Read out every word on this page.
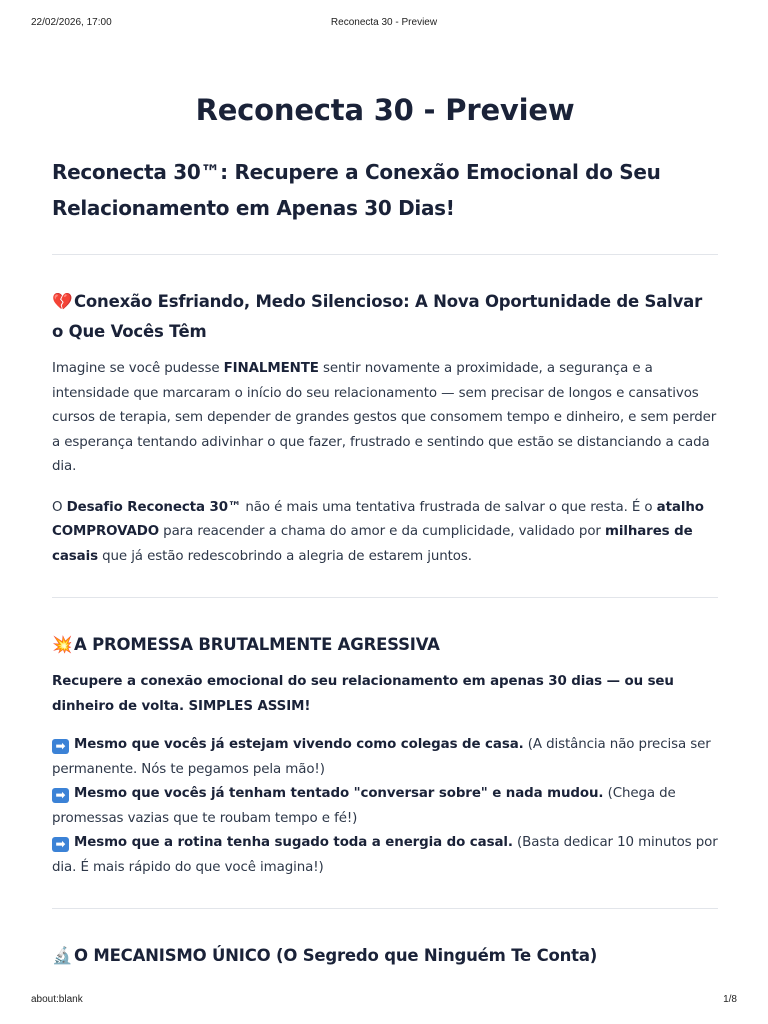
22/02/2026, 17:00	Reconecta 30 - Preview
Reconecta 30 - Preview
Reconecta 30™: Recupere a Conexão Emocional do Seu
Relacionamento em Apenas 30 Dias!
💔Conexão Esfriando, Medo Silencioso: A Nova Oportunidade de Salvar
o Que Vocês Têm

Imagine se você pudesse FINALMENTE sentir novamente a proximidade, a segurança e a intensidade que marcaram o início do seu relacionamento — sem precisar de longos e cansativos cursos de terapia, sem depender de grandes gestos que consomem tempo e dinheiro, e sem perder a esperança tentando adivinhar o que fazer, frustrado e sentindo que estão se distanciando a cada dia.

O Desafio Reconecta 30™ não é mais uma tentativa frustrada de salvar o que resta. É o atalho COMPROVADO para reacender a chama do amor e da cumplicidade, validado por milhares de casais que já estão redescobrindo a alegria de estarem juntos.

💥A PROMESSA BRUTALMENTE AGRESSIVA

Recupere a conexão emocional do seu relacionamento em apenas 30 dias — ou seu dinheiro de volta. SIMPLES ASSIM!

➡ Mesmo que vocês já estejam vivendo como colegas de casa. (A distância não precisa ser permanente. Nós te pegamos pela mão!)
➡ Mesmo que vocês já tenham tentado "conversar sobre" e nada mudou. (Chega de promessas vazias que te roubam tempo e fé!)
➡ Mesmo que a rotina tenha sugado toda a energia do casal. (Basta dedicar 10 minutos por dia. É mais rápido do que você imagina!)
🔬O MECANISMO ÚNICO (O Segredo que Ninguém Te Conta)
about:blank	1/8
